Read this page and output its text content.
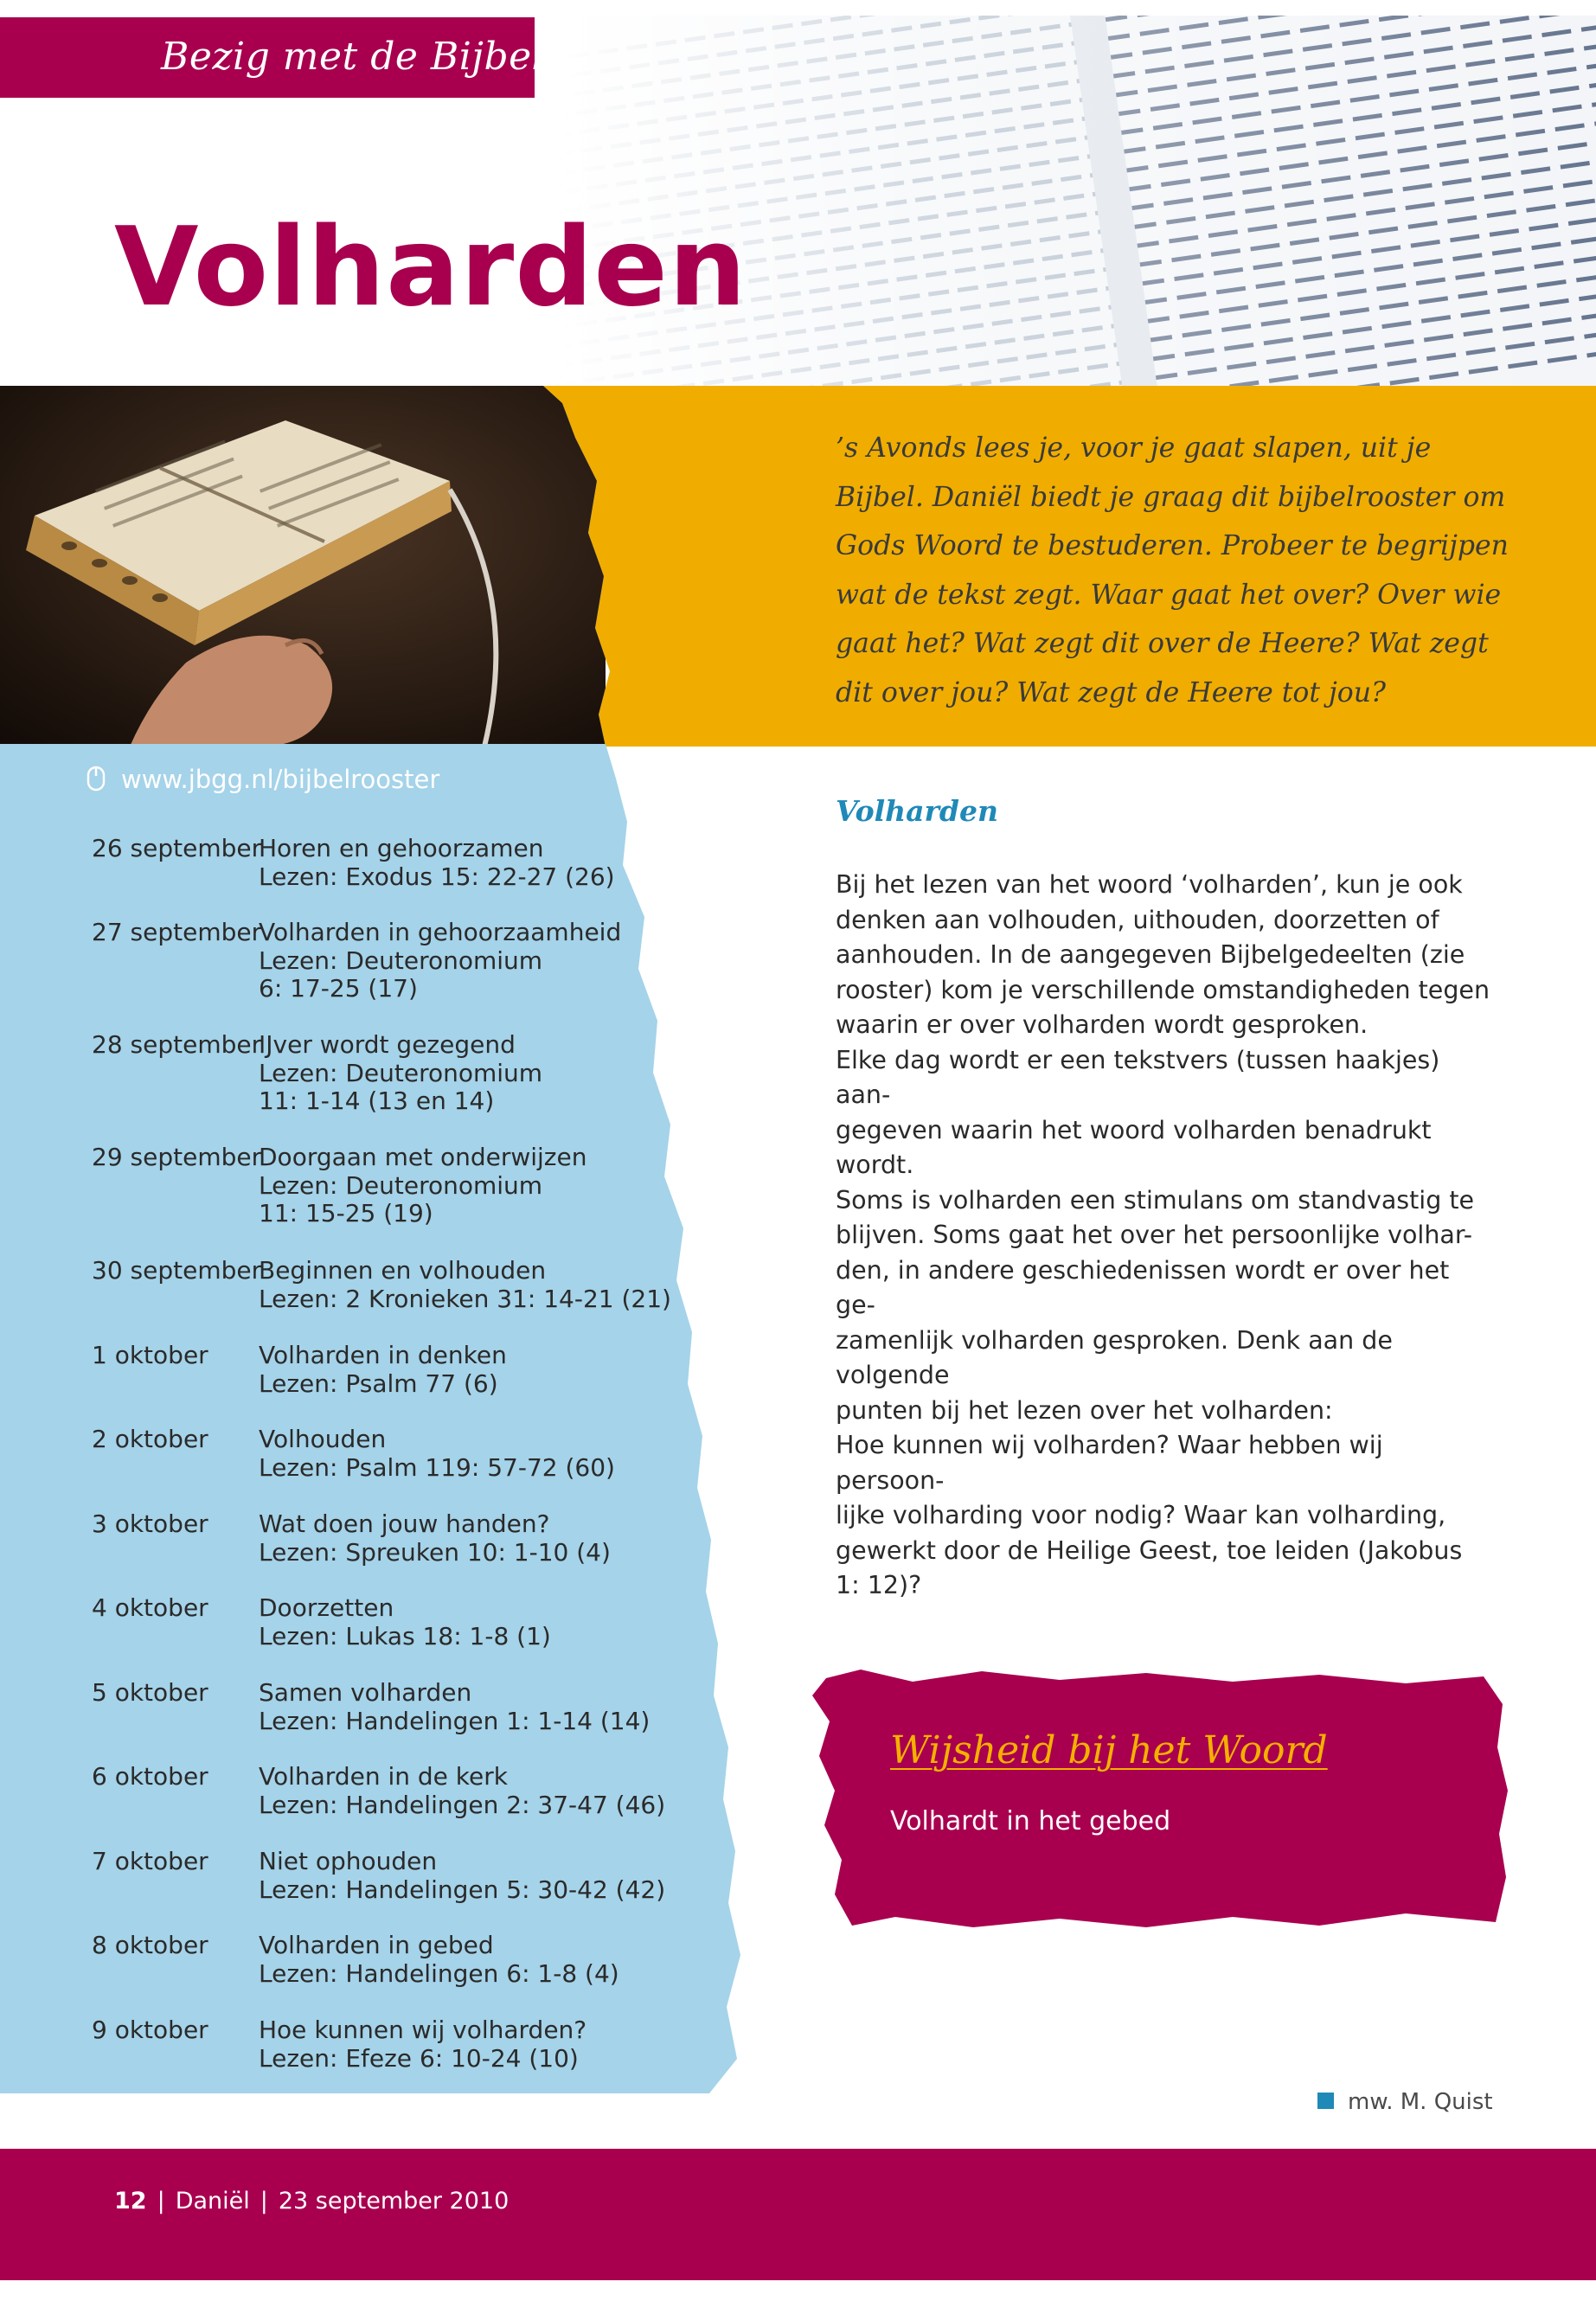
Bezig met de Bijbel
Volharden
’s Avonds lees je, voor je gaat slapen, uit je Bijbel. Daniël biedt je graag dit bijbelrooster om Gods Woord te bestuderen. Probeer te begrijpen wat de tekst zegt. Waar gaat het over? Over wie gaat het? Wat zegt dit over de Heere? Wat zegt dit over jou? Wat zegt de Heere tot jou?
www.jbgg.nl/bijbelrooster
26 september
Horen en gehoorzamen
Lezen: Exodus 15: 22-27 (26)
27 september
Volharden in gehoorzaamheid
Lezen: Deuteronomium
6: 17-25 (17)
28 september
IJver wordt gezegend
Lezen: Deuteronomium
11: 1-14 (13 en 14)
29 september
Doorgaan met onderwijzen
Lezen: Deuteronomium
11: 15-25 (19)
30 september
Beginnen en volhouden
Lezen: 2 Kronieken 31: 14-21 (21)
1 oktober Volharden in denken
Lezen: Psalm 77 (6)
2 oktober Volhouden
Lezen: Psalm 119: 57-72 (60)
3 oktober Wat doen jouw handen?
Lezen: Spreuken 10: 1-10 (4)
4 oktober Doorzetten
Lezen: Lukas 18: 1-8 (1)
5 oktober Samen volharden
Lezen: Handelingen 1: 1-14 (14)
6 oktober Volharden in de kerk
Lezen: Handelingen 2: 37-47 (46)
7 oktober Niet ophouden
Lezen: Handelingen 5: 30-42 (42)
8 oktober Volharden in gebed
Lezen: Handelingen 6: 1-8 (4)
9 oktober Hoe kunnen wij volharden?
Lezen: Efeze 6: 10-24 (10)
Volharden

Bij het lezen van het woord ‘volharden’, kun je ook

denken aan volhouden, uithouden, doorzetten of

aanhouden. In de aangegeven Bijbelgedeelten (zie

rooster) kom je verschillende omstandigheden tegen

waarin er over volharden wordt gesproken.

Elke dag wordt er een tekstvers (tussen haakjes) aan-

gegeven waarin het woord volharden benadrukt wordt.

Soms is volharden een stimulans om standvastig te

blijven. Soms gaat het over het persoonlijke volhar-

den, in andere geschiedenissen wordt er over het ge-

zamenlijk volharden gesproken. Denk aan de volgende

punten bij het lezen over het volharden:

Hoe kunnen wij volharden? Waar hebben wij persoon-

lijke volharding voor nodig? Waar kan volharding,

gewerkt door de Heilige Geest, toe leiden (Jakobus

1: 12)?

Wijsheid bij het Woord
Volhardt in het gebed
mw. M. Quist
12 | Daniël | 23 september 2010
